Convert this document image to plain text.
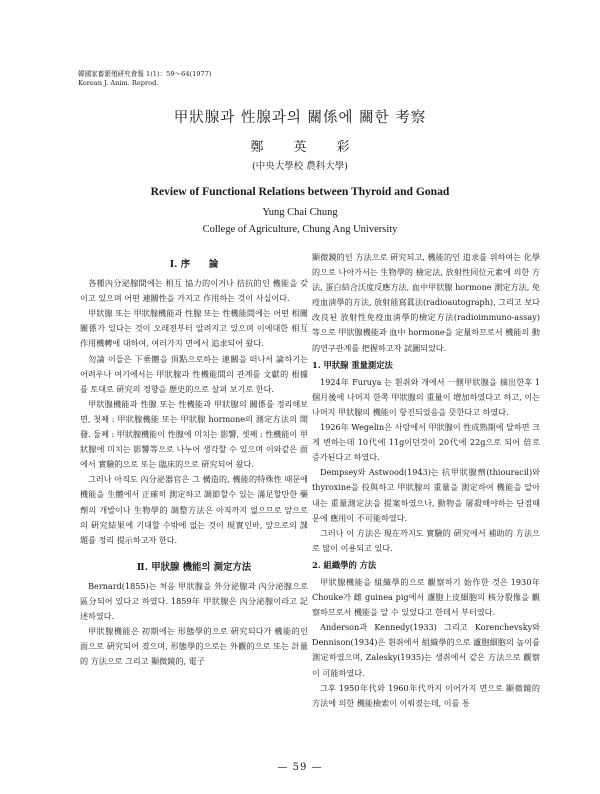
韓國家畜繁殖硏究會報 1(1)：59～64(1977)
Korean J. Anim. Reprod.
甲狀腺과 性腺과의 關係에 關한 考察
鄭英彩
(中央大學校 農科大學)
Review of Functional Relations between Thyroid and Gonad
Yung Chai Chung
College of Agriculture, Chung Ang University
Ⅰ. 序　　論

各種內分泌腺間에는 相互 協力的이거나 拮抗的인 機能을 갖이고 있으며 어떤 連關性을 가지고 作用하는 것이 사실이다.

甲狀腺 또는 甲狀腺機能과 性腺 또는 性機能間에는 어떤 相關關係가 있다는 것이 오래전부터 알려지고 있으며 이에대한 相互作用機轉에 대하여, 여러가지 면에서 追求되어 왔다.

勿論 이들은 下垂體을 頂點으로하는 連關을 떠나서 論하기는 어려우나 여기에서는 甲狀腺과 性機能間의 관계를 文獻的 根據를 토대로 硏究의 경향을 歷史的으로 살펴 보기로 한다.

甲狀腺機能과 性腺 또는 性機能과 甲狀腺의 關係를 정리해보면, 첫째 : 甲狀腺機能 또는 甲狀腺 hormone의 測定方法의 開發. 둘째 : 甲狀腺機能이 性腺에 미치는 影響, 셋째 : 性機能이 甲狀腺에 미치는 影響等으로 나누어 생각할 수 있으며 이와같은 面에서 實驗的으로 또는 臨床的으로 硏究되어 왔다.

그러나 아직도 內分泌器官은 그 構造的, 機能的特殊性 때문에 機能을 生體에서 正確히 測定하고 調節할수 있는 滿足할만한 藥劑의 개발이나 生物學的 調整方法은 아직까지 없으므로 앞으로의 硏究結果에 기대할 수밖에 없는 것이 現實인바, 앞으로의 課題를 정리 提示하고자 한다.

Ⅱ. 甲狀腺 機能의 測定方法

Bernard(1855)는 처음 甲狀腺을 外分泌腺과 內分泌腺으로 區分되어 있다고 하였다. 1859年 甲狀腺은 內分泌腺이라고 記述하였다.

甲狀腺機能은 初期에는 形態學的으로 硏究되다가 機能的인 面으로 硏究되어 졌으며, 形態學的으로는 外觀的으로 또는 計量的 方法으로 그리고 顯微鏡的, 電子

顯微鏡的인 方法으로 硏究되고, 機能的인 追求를 위하여는 化學的으로 나아가서는 生物學的 檢定法, 放射性同位元素에 의한 方法, 蛋白結合沃度反應方法, 血中甲狀腺 hormone 測定方法, 免疫血淸學的方法, 放射能寫眞法(radioautograph), 그리고 보다 改良된 放射性免疫血淸學的檢定方法(radioimmuno-assay) 等으로 甲狀腺機能과 血中 hormone을 定量하므로서 機能의 動的연구관계를 把握하고자 試圖되었다.

1. 甲狀腺 重量測定法

1924年 Furuya 는 흰쥐와 개에서 一側甲狀腺을 摘出한후 1個月後에 나머지 한쪽 甲狀腺의 重量이 增加하였다고 하고, 이는 나머지 甲狀腺의 機能이 항진되었음을 뜻한다고 하였다.

1926年 Wegelin은 사람에서 甲狀腺이 性成熟期에 달하면 크게 변하는데 10代에 11g이던것이 20代에 22g으로 되어 倍로 증가된다고 하였다.

Dempsey와 Astwood(1943)는 抗甲狀腺劑(thiouracil)와 thyroxine을 投與하고 甲狀腺의 重量을 測定하여 機能을 알아내는 重量測定法을 提案하였으나, 動物을 屠殺해야하는 단점때문에 應用이 不可能하였다.

그러나 이 方法은 現在까지도 實驗的 硏究에서 補助的 方法으로 많이 이용되고 있다.

2. 組織學的 方法

甲狀腺機能을 組織學的으로 觀察하기 始作한 것은 1930年 Chouke가 雌 guinea pig에서 濾胞上皮細胞의 核分裂像을 觀察하므로서 機能을 알 수 있었다고 한데서 부터였다.

Anderson과 Kennedy(1933) 그리고 Korenchevsky와 Dennison(1934)은 흰쥐에서 組織學的으로 瀘胞細胞의 높이를 測定하였으며, Zalesky(1935)는 생쥐에서 같은 方法으로 觀察이 可能하였다.

그후 1950年代와 1960年代까지 이어가지 면으로 顯微鏡的 方法에 의한 機能檢索이 이뤄졌는데, 이를 통

— 59 —
